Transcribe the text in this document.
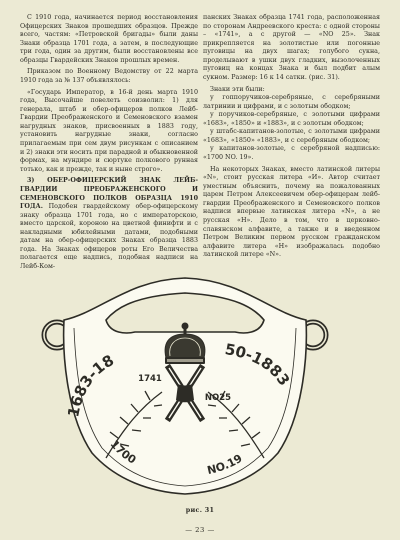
С 1910 года, начинается период восстановления Офицерских Знаков прошедших образцов. Прежде всего, частям: «Петровской бригады» были даны Знаки образца 1701 года, а затем, в последующие три года, один за другим, были восстановлены все образцы Гвардейских Знаков прошлых времен.

Приказом по Военному Ведомству от 22 марта 1910 года за № 137 объявлялось:

«Государь Император, в 16-й день марта 1910 года, Высочайше повелеть соизволил: 1) для генерала, штаб и обер-офицеров полков Лейб-Гвардии Преображенского и Семеновского взамен нагрудных знаков, присвоенных в 1883 году, установить нагрудные знаки, согласно прилагаемым при сем двум рисункам с описанием и 2) знаки эти носить при парадной и обыкновенной формах, на мундире и сюртуке полкового рунная тотько, как и прежде, так и ныне строго».

3) ОБЕР-ОФИЦЕРСКИЙ ЗНАК ЛЕЙБ-ГВАРДИИ ПРЕОБРАЖЕНСКОГО И СЕМЕНОВСКОГО ПОЛКОВ ОБРАЗЦА 1910 ГОДА. Подобен гвардейскому обер-офицерскому знаку образца 1701 года, но с императорскою, вместо царской, короною на цветной финифти и с накладными юбилейными датами, подобными датам на обер-офицерских Знаках образца 1883 года. На Знаках офицеров роты Его Величества полагается еще надпись, подобная надписи на Лейб-Ком-

панских Знаках образца 1741 года, расположенная по сторонам Андреевского креста: с одной стороны – «1741», а с другой — «NO 25». Знак прикрепляется на золотистые или погонные пуговицы на двух шагах; голубого сукна, проделывают в ушки двух гладких, вызолоченных пуговиц на концах Знака и был подбит алым сукном. Размер: 16 к 14 сатки. (рис. 31).

Знаки эти были:

у гоппоручиков-серебряные, с серебряными латринии и цифрами, и с золотым ободком;

у поручиков-серебряные, с золотыми цифрами «1683», «1850» и «1883», и с золотым ободком;

у штабс-капитанов-золотые, с золотыми цифрами «1683», «1850» «1883», и с серебряным ободком;

у капитанов-золотые, с серебряной надписью: «1700 NO. 19».

На некоторых Знаках, вместо латинской литеры «N», стоит русская литера «И». Автор считает уместным объяснить, почему на пожалованных царем Петром Алексеевичем обер-офицерам лейб-гвардии Преображенского и Семеновского полков надписи впервые латинская литера «N», а не русская «Н». Дело в том, что в церковно-славянском алфавите, а также и в введенном Петром Великим первом русском гражданском алфавите литера «Н» изображалась подобно латинской литере «N».

1683-18
50-1883
1700
NO.19
1741
NO25
рис. 31
— 23 —
